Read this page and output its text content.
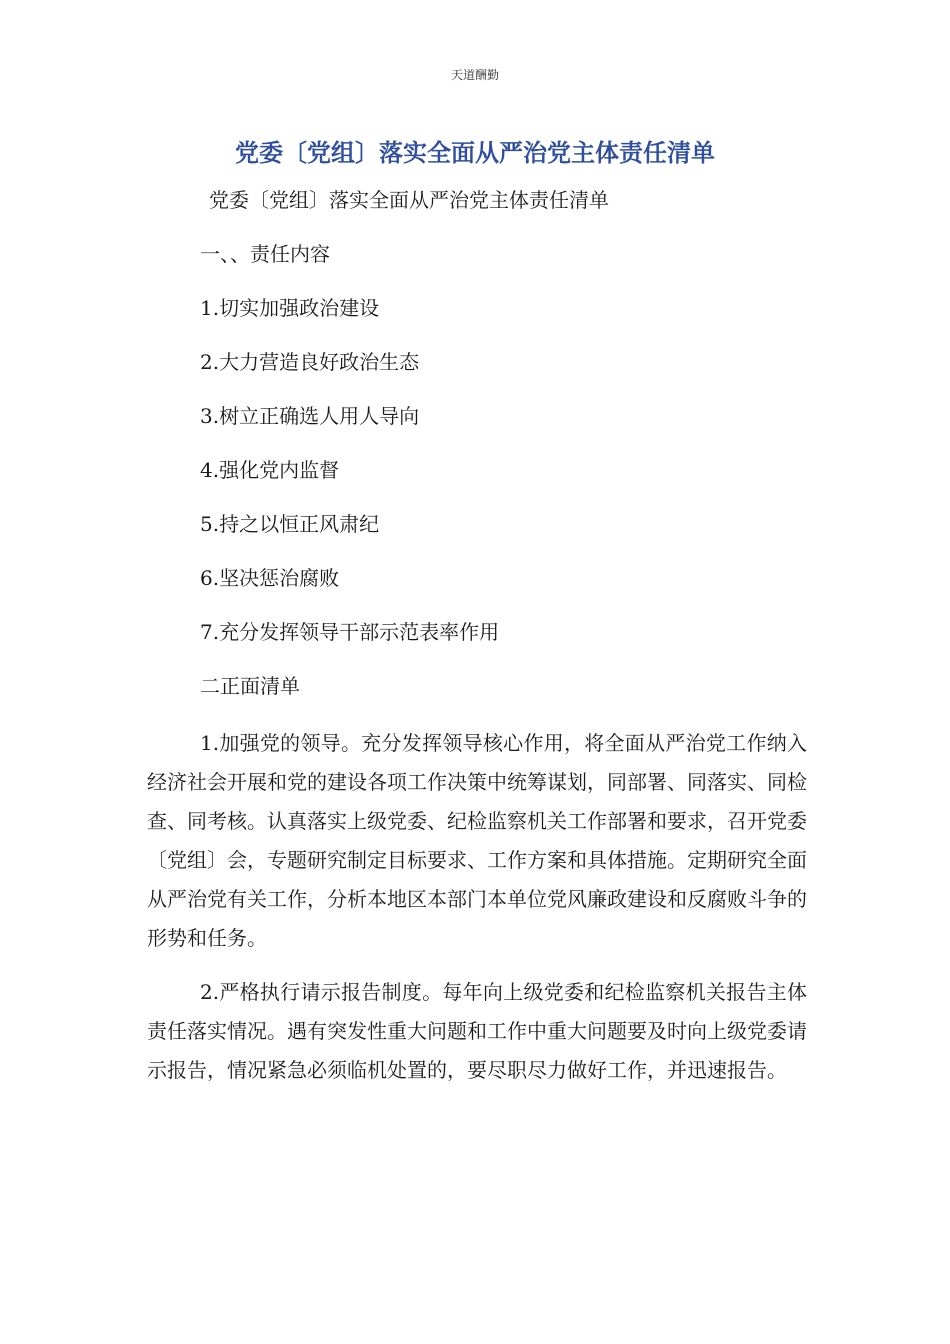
天道酬勤
党委〔党组〕落实全面从严治党主体责任清单
党委〔党组〕落实全面从严治党主体责任清单
一、、责任内容
1.切实加强政治建设
2.大力营造良好政治生态
3.树立正确选人用人导向
4.强化党内监督
5.持之以恒正风肃纪
6.坚决惩治腐败
7.充分发挥领导干部示范表率作用
二正面清单

1.加强党的领导。充分发挥领导核心作用，将全面从严治党工作纳入经济社会开展和党的建设各项工作决策中统筹谋划，同部署、同落实、同检查、同考核。认真落实上级党委、纪检监察机关工作部署和要求，召开党委〔党组〕会，专题研究制定目标要求、工作方案和具体措施。定期研究全面从严治党有关工作，分析本地区本部门本单位党风廉政建设和反腐败斗争的形势和任务。

2.严格执行请示报告制度。每年向上级党委和纪检监察机关报告主体责任落实情况。遇有突发性重大问题和工作中重大问题要及时向上级党委请示报告，情况紧急必须临机处置的，要尽职尽力做好工作，并迅速报告。
